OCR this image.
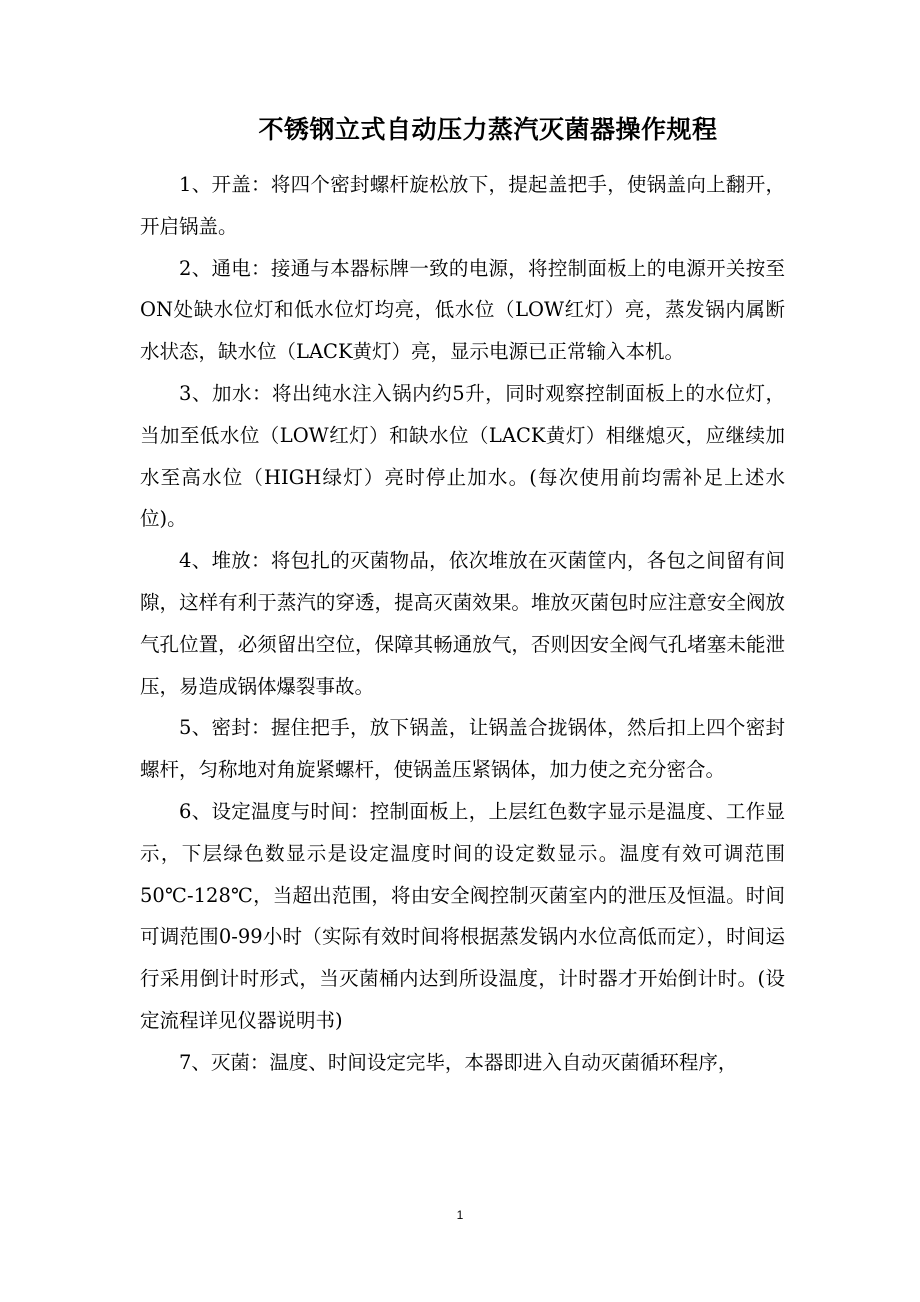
不锈钢立式自动压力蒸汽灭菌器操作规程

1、开盖：将四个密封螺杆旋松放下，提起盖把手，使锅盖向上翻开，开启锅盖。

2、通电：接通与本器标牌一致的电源，将控制面板上的电源开关按至ON处缺水位灯和低水位灯均亮，低水位（LOW红灯）亮，蒸发锅内属断水状态，缺水位（LACK黄灯）亮，显示电源已正常输入本机。

3、加水：将出纯水注入锅内约5升，同时观察控制面板上的水位灯，当加至低水位（LOW红灯）和缺水位（LACK黄灯）相继熄灭，应继续加水至高水位（HIGH绿灯）亮时停止加水。(每次使用前均需补足上述水位)。

4、堆放：将包扎的灭菌物品，依次堆放在灭菌筐内，各包之间留有间隙，这样有利于蒸汽的穿透，提高灭菌效果。堆放灭菌包时应注意安全阀放气孔位置，必须留出空位，保障其畅通放气，否则因安全阀气孔堵塞未能泄压，易造成锅体爆裂事故。

5、密封：握住把手，放下锅盖，让锅盖合拢锅体，然后扣上四个密封螺杆，匀称地对角旋紧螺杆，使锅盖压紧锅体，加力使之充分密合。

6、设定温度与时间：控制面板上，上层红色数字显示是温度、工作显示，下层绿色数显示是设定温度时间的设定数显示。温度有效可调范围50℃-128℃，当超出范围，将由安全阀控制灭菌室内的泄压及恒温。时间可调范围0-99小时（实际有效时间将根据蒸发锅内水位高低而定），时间运行采用倒计时形式，当灭菌桶内达到所设温度，计时器才开始倒计时。(设定流程详见仪器说明书)

7、灭菌：温度、时间设定完毕，本器即进入自动灭菌循环程序，

1
